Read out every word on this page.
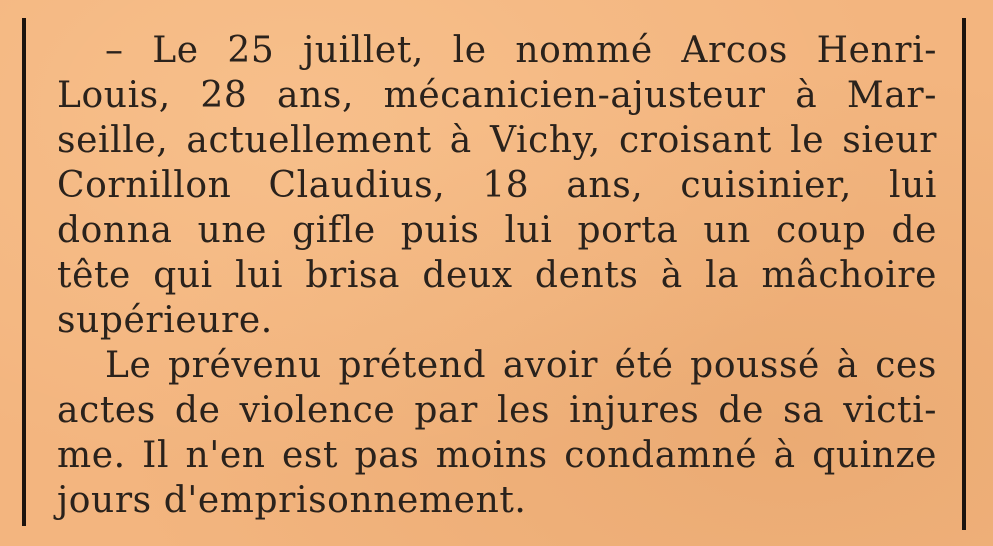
– Le 25 juillet, le nommé Arcos Henri-
Louis, 28 ans, mécanicien-ajusteur à Mar-
seille, actuellement à Vichy, croisant le sieur
Cornillon Claudius, 18 ans, cuisinier, lui
donna une gifle puis lui porta un coup de
tête qui lui brisa deux dents à la mâchoire
supérieure.
Le prévenu prétend avoir été poussé à ces
actes de violence par les injures de sa victi-
me. Il n'en est pas moins condamné à quinze
jours d'emprisonnement.
